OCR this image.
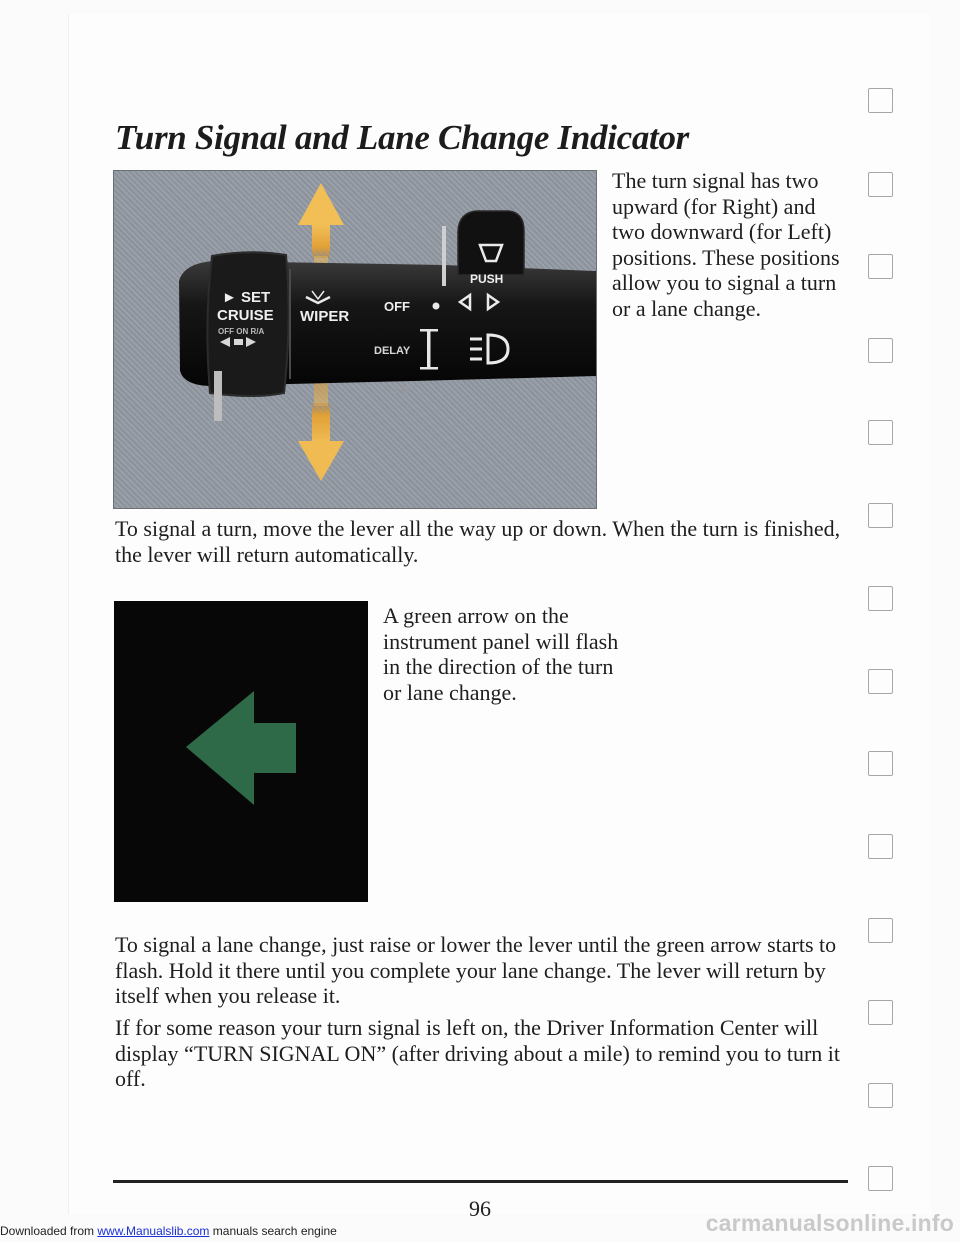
Downloaded from www.Manualslib.com manuals search engine	carmanualsonline.info
Turn Signal and Lane Change Indicator
► SET
CRUISE
OFF ON R/A
WIPER
PUSH
OFF
DELAY
LO

The turn signal has two upward (for Right) and two downward (for Left) positions. These positions allow you to signal a turn or a lane change.

To signal a turn, move the lever all the way up or down. When the turn is finished, the lever will return automatically.

A green arrow on the instrument panel will flash in the direction of the turn or lane change.

To signal a lane change, just raise or lower the lever until the green arrow starts to flash. Hold it there until you complete your lane change. The lever will return by itself when you release it.

If for some reason your turn signal is left on, the Driver Information Center will display “TURN SIGNAL ON” (after driving about a mile) to remind you to turn it off.

96
